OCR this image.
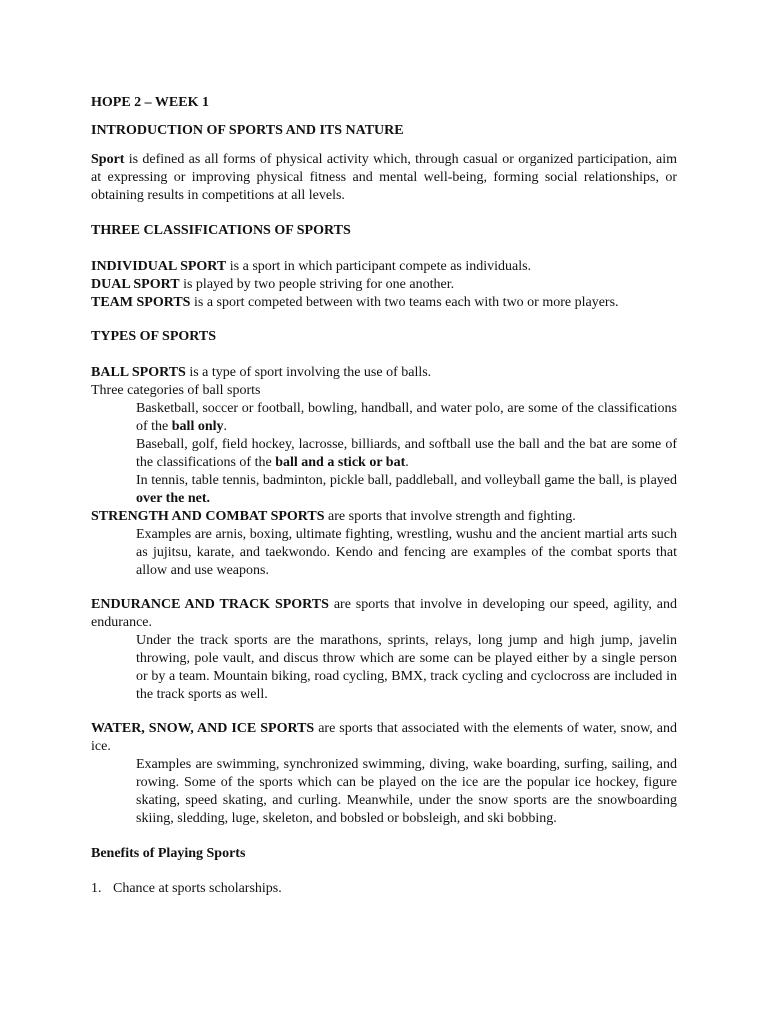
HOPE 2 – WEEK 1

INTRODUCTION OF SPORTS AND ITS NATURE

Sport is defined as all forms of physical activity which, through casual or organized participation, aim at expressing or improving physical fitness and mental well-being, forming social relationships, or obtaining results in competitions at all levels.

THREE CLASSIFICATIONS OF SPORTS

INDIVIDUAL SPORT is a sport in which participant compete as individuals.

DUAL SPORT is played by two people striving for one another.

TEAM SPORTS is a sport competed between with two teams each with two or more players.

TYPES OF SPORTS

BALL SPORTS is a type of sport involving the use of balls.

Three categories of ball sports

Basketball, soccer or football, bowling, handball, and water polo, are some of the classifications of the ball only.

Baseball, golf, field hockey, lacrosse, billiards, and softball use the ball and the bat are some of the classifications of the ball and a stick or bat.

In tennis, table tennis, badminton, pickle ball, paddleball, and volleyball game the ball, is played over the net.

STRENGTH AND COMBAT SPORTS are sports that involve strength and fighting.

Examples are arnis, boxing, ultimate fighting, wrestling, wushu and the ancient martial arts such as jujitsu, karate, and taekwondo. Kendo and fencing are examples of the combat sports that allow and use weapons.

ENDURANCE AND TRACK SPORTS are sports that involve in developing our speed, agility, and endurance.

Under the track sports are the marathons, sprints, relays, long jump and high jump, javelin throwing, pole vault, and discus throw which are some can be played either by a single person or by a team. Mountain biking, road cycling, BMX, track cycling and cyclocross are included in the track sports as well.

WATER, SNOW, AND ICE SPORTS are sports that associated with the elements of water, snow, and ice.

Examples are swimming, synchronized swimming, diving, wake boarding, surfing, sailing, and rowing. Some of the sports which can be played on the ice are the popular ice hockey, figure skating, speed skating, and curling. Meanwhile, under the snow sports are the snowboarding skiing, sledding, luge, skeleton, and bobsled or bobsleigh, and ski bobbing.

Benefits of Playing Sports

1. Chance at sports scholarships.
